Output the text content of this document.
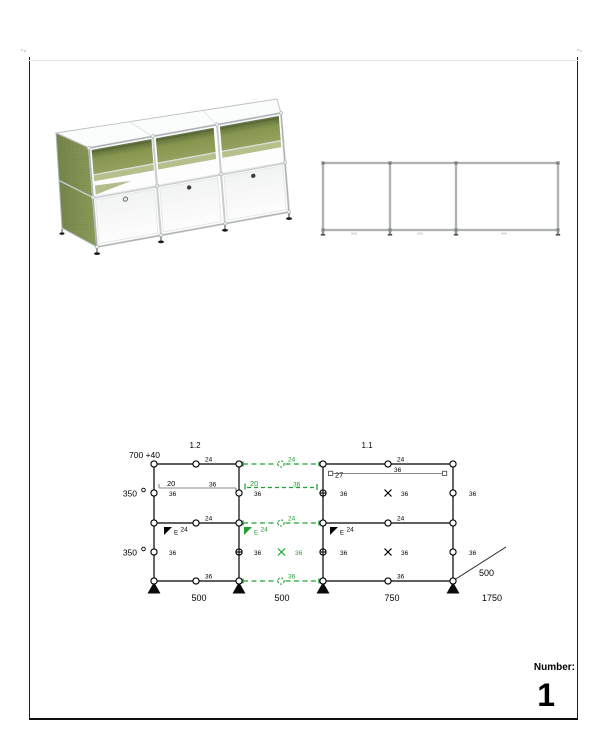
E 24	E 24	E 24
1.2	1.1
700 +40
350
350
24	24
24	24
24
24
36	36
36
36	36	36	36
36	36	36	36
36
36
36
36	36
36
20	20
27
500	500	750	1750
500
Number:
1
